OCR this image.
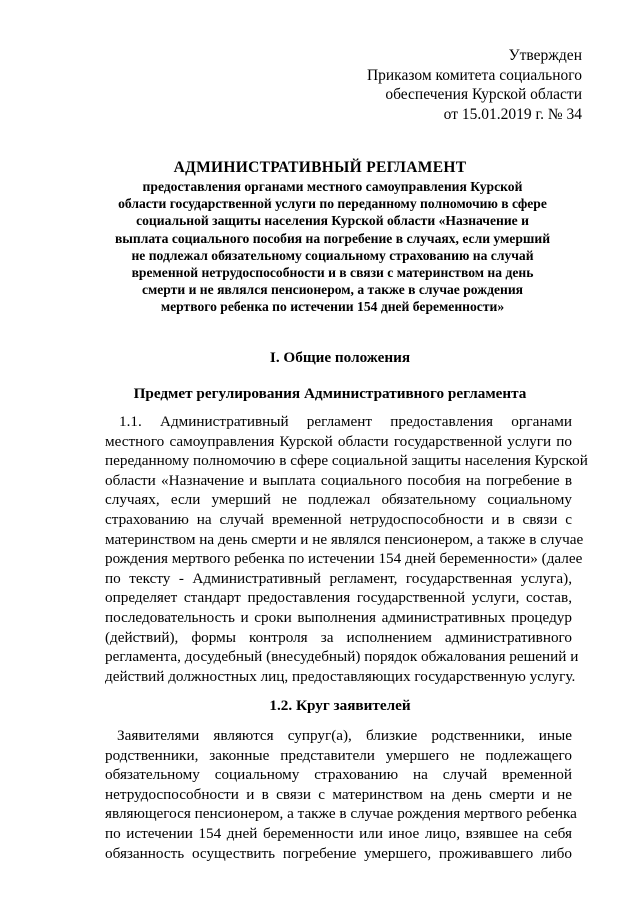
Утвержден
Приказом комитета социального
обеспечения Курской области
от 15.01.2019 г. № 34
АДМИНИСТРАТИВНЫЙ РЕГЛАМЕНТ
предоставления органами местного самоуправления Курской
области государственной услуги по переданному полномочию в сфере
социальной защиты населения Курской области «Назначение и
выплата социального пособия на погребение в случаях, если умерший
не подлежал обязательному социальному страхованию на случай
временной нетрудоспособности и в связи с материнством на день
смерти и не являлся пенсионером, а также в случае рождения
мертвого ребенка по истечении 154 дней беременности»
I. Общие положения
Предмет регулирования Административного регламента
1.1. Административный регламент предоставления органами
местного самоуправления Курской области государственной услуги по
переданному полномочию в сфере социальной защиты населения Курской
области «Назначение и выплата социального пособия на погребение в
случаях, если умерший не подлежал обязательному социальному
страхованию на случай временной нетрудоспособности и в связи с
материнством на день смерти и не являлся пенсионером, а также в случае
рождения мертвого ребенка по истечении 154 дней беременности» (далее
по тексту - Административный регламент, государственная услуга),
определяет стандарт предоставления государственной услуги, состав,
последовательность и сроки выполнения административных процедур
(действий), формы контроля за исполнением административного
регламента, досудебный (внесудебный) порядок обжалования решений и
действий должностных лиц, предоставляющих государственную услугу.
1.2. Круг заявителей
Заявителями являются супруг(а), близкие родственники, иные
родственники, законные представители умершего не подлежащего
обязательному социальному страхованию на случай временной
нетрудоспособности и в связи с материнством на день смерти и не
являющегося пенсионером, а также в случае рождения мертвого ребенка
по истечении 154 дней беременности или иное лицо, взявшее на себя
обязанность осуществить погребение умершего, проживавшего либо
